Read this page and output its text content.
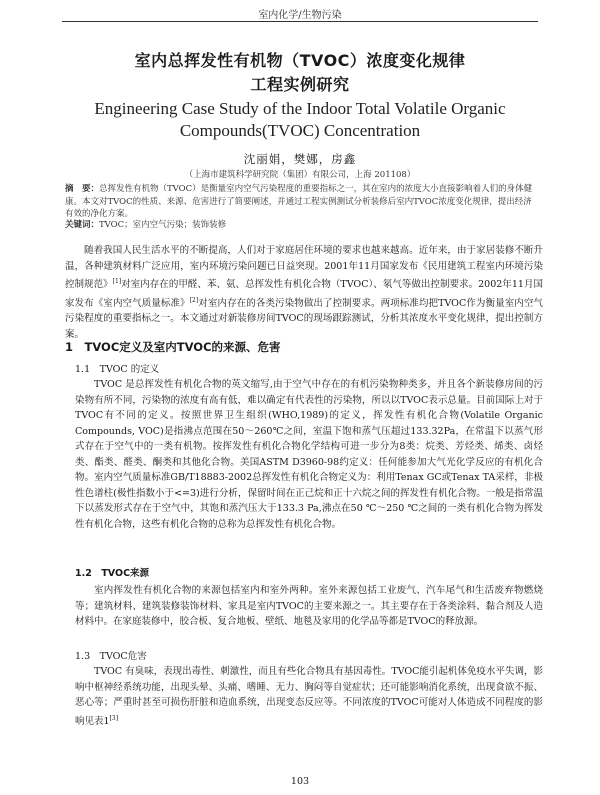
室内化学/生物污染
室内总挥发性有机物（TVOC）浓度变化规律
工程实例研究
Engineering Case Study of the Indoor Total Volatile Organic
Compounds(TVOC) Concentration
沈丽娟，樊娜，房鑫
（上海市建筑科学研究院（集团）有限公司，上海 201108）
摘　要：总挥发性有机物（TVOC）是衡量室内空气污染程度的重要指标之一，其在室内的浓度大小直接影响着人们的身体健康。本文对TVOC的性质、来源、危害进行了简要阐述，并通过工程实例测试分析装修后室内TVOC浓度变化规律，提出经济有效的净化方案。
关键词：TVOC；室内空气污染；装饰装修
随着我国人民生活水平的不断提高，人们对于家庭居住环境的要求也越来越高。近年来，由于家居装修不断升温，各种建筑材料广泛应用，室内环境污染问题已日益突现。2001年11月国家发布《民用建筑工程室内环境污染控制规范》[1]对室内存在的甲醛、苯、氨、总挥发性有机化合物（TVOC）、氡气等做出控制要求。2002年11月国家发布《室内空气质量标准》[2]对室内存在的各类污染物做出了控制要求。两项标准均把TVOC作为衡量室内空气污染程度的重要指标之一。本文通过对新装修房间TVOC的现场跟踪测试，分析其浓度水平变化规律，提出控制方案。
1　TVOC定义及室内TVOC的来源、危害
1.1　TVOC 的定义
TVOC 是总挥发性有机化合物的英文缩写,由于空气中存在的有机污染物种类多，并且各个新装修房间的污染物有所不同，污染物的浓度有高有低，难以确定有代表性的污染物，所以以TVOC表示总量。目前国际上对于TVOC有不同的定义。按照世界卫生组织(WHO,1989)的定义，挥发性有机化合物(Volatile Organic Compounds, VOC)是指沸点范围在50～260℃之间，室温下饱和蒸气压超过133.32Pa，在常温下以蒸气形式存在于空气中的一类有机物。按挥发性有机化合物化学结构可进一步分为8类：烷类、芳烃类、烯类、卤烃类、酯类、醛类、酮类和其他化合物。美国ASTM D3960-98约定义：任何能参加大气光化学反应的有机化合物。室内空气质量标准GB/T18883-2002总挥发性有机化合物定义为：利用Tenax GC或Tenax TA采样，非极性色谱柱(极性指数小于<=3)进行分析，保留时间在正己烷和正十六烷之间的挥发性有机化合物。一般是指常温下以蒸发形式存在于空气中，其饱和蒸汽压大于133.3 Pa,沸点在50 ℃～250 ℃之间的一类有机化合物为挥发性有机化合物，这些有机化合物的总称为总挥发性有机化合物。
1.2　TVOC来源
室内挥发性有机化合物的来源包括室内和室外两种。室外来源包括工业废气、汽车尾气和生活废弃物燃烧等；建筑材料、建筑装修装饰材料、家具是室内TVOC的主要来源之一。其主要存在于各类涂料、黏合剂及人造材料中。在家庭装修中，胶合板、复合地板、壁纸、地毯及家用的化学品等都是TVOC的释放源。
1.3　TVOC危害
TVOC 有臭味，表现出毒性、刺激性，而且有些化合物具有基因毒性。TVOC能引起机体免疫水平失调，影响中枢神经系统功能，出现头晕、头痛、嗜睡、无力、胸闷等自觉症状；还可能影响消化系统，出现食欲不振、恶心等；严重时甚至可损伤肝脏和造血系统，出现变态反应等。不同浓度的TVOC可能对人体造成不同程度的影响见表1[3]
103
